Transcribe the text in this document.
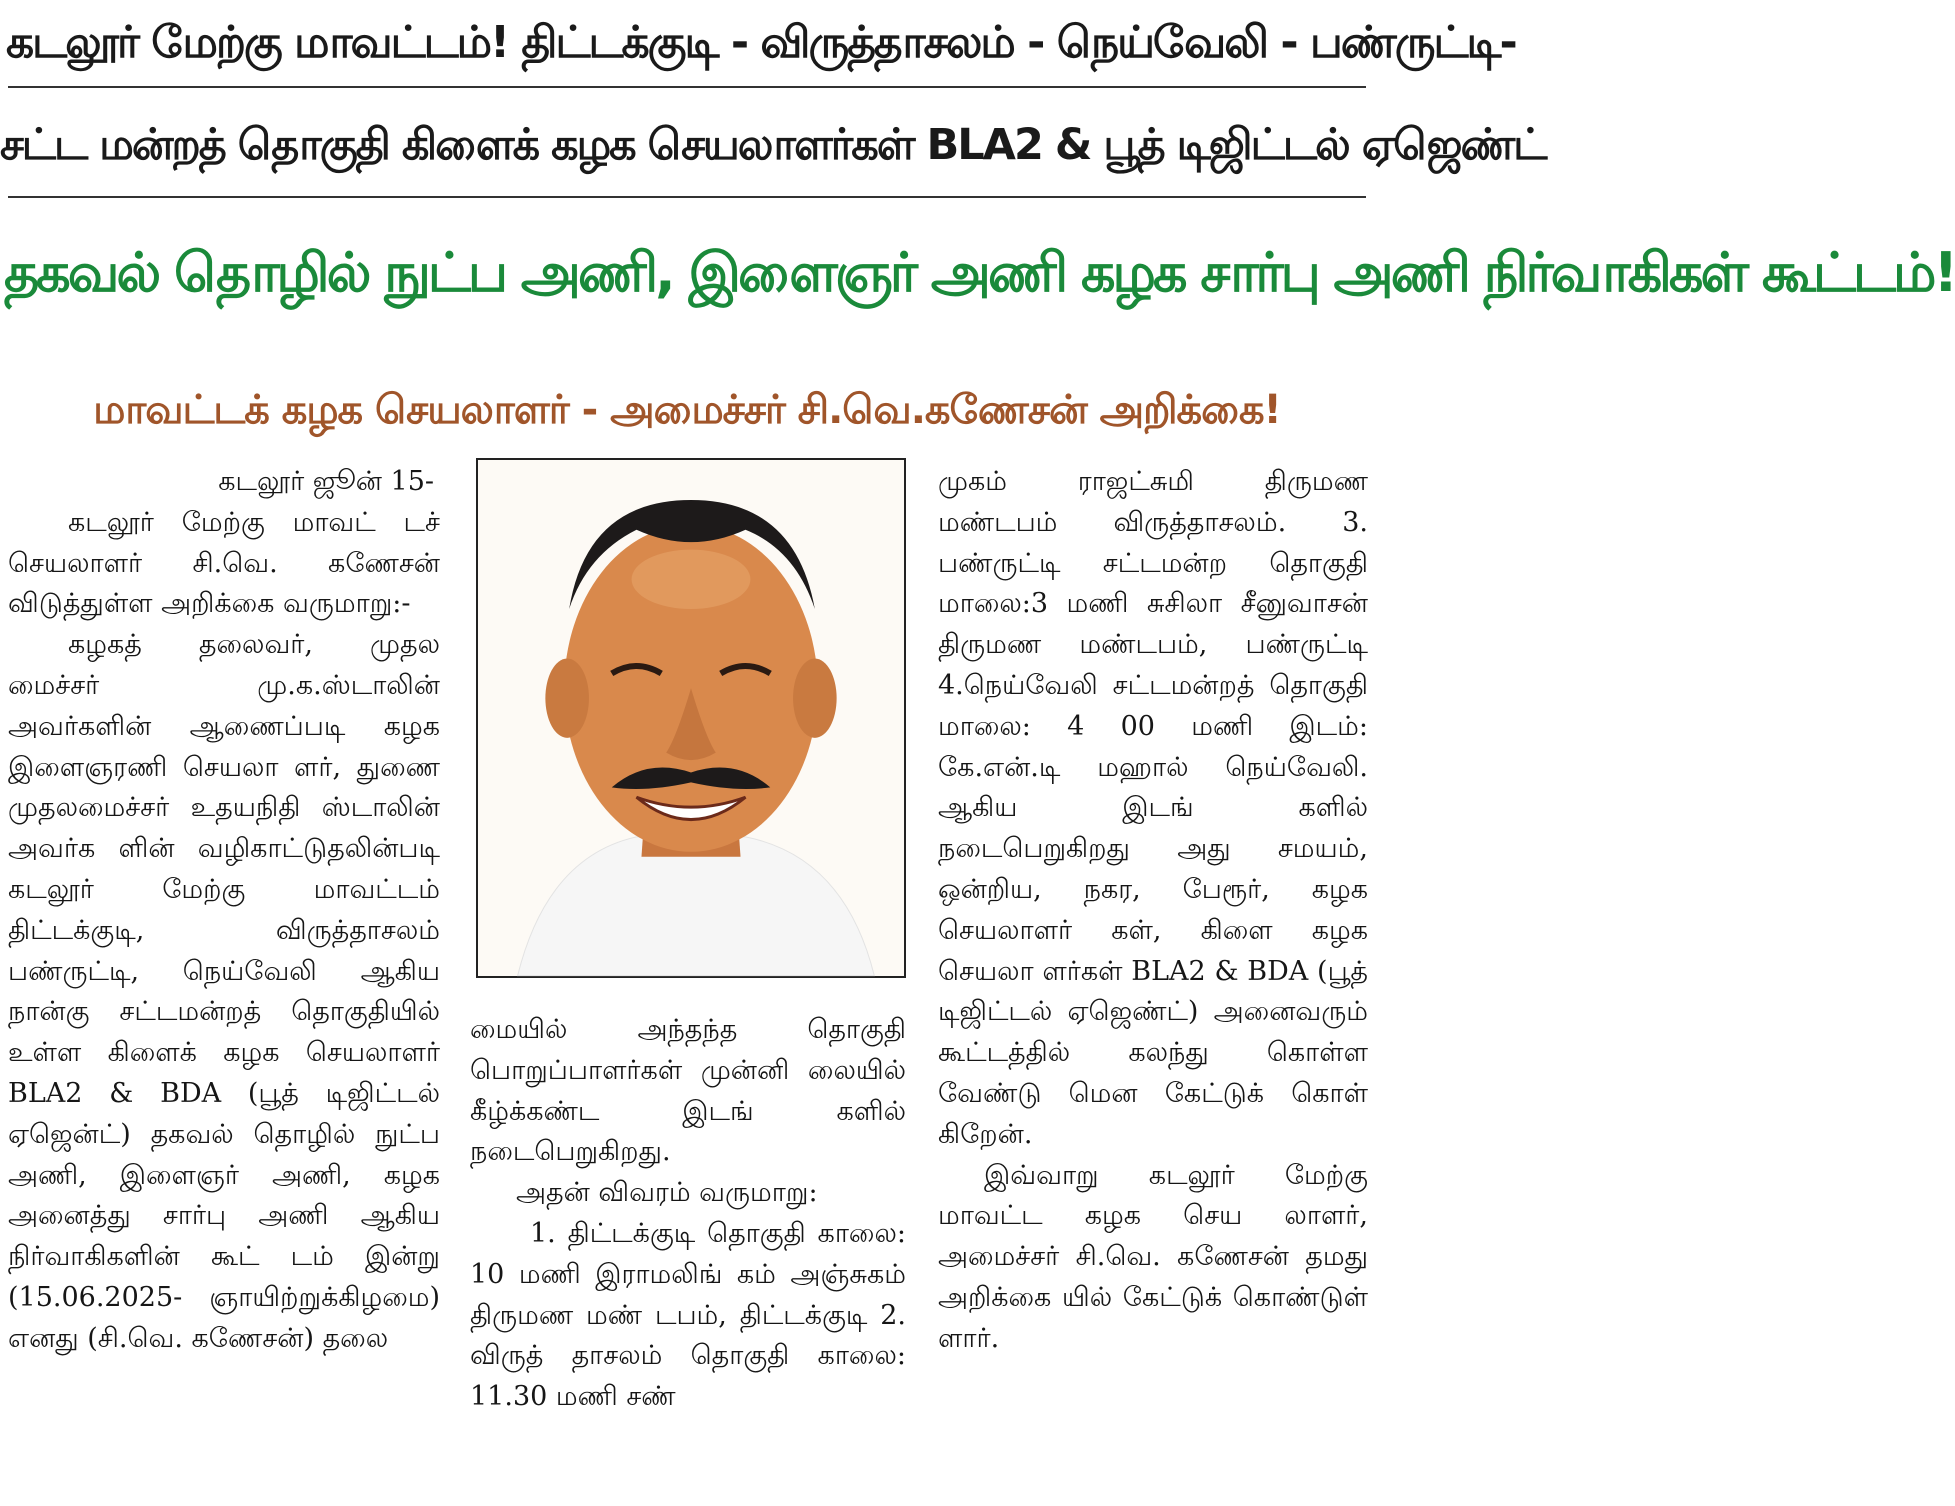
கடலூர் மேற்கு மாவட்டம்! திட்டக்குடி - விருத்தாசலம் - நெய்வேலி - பண்ருட்டி-
சட்ட மன்றத் தொகுதி கிளைக் கழக செயலாளர்கள் BLA2 & பூத் டிஜிட்டல் ஏஜெண்ட்
தகவல் தொழில் நுட்ப அணி, இளைஞர் அணி கழக சார்பு அணி நிர்வாகிகள் கூட்டம்!
மாவட்டக் கழக செயலாளர் - அமைச்சர் சி.வெ.கணேசன் அறிக்கை!

கடலூர் ஜூன் 15-

கடலூர் மேற்கு மாவட் டச் செயலாளர் சி.வெ. கணேசன் விடுத்துள்ள அறிக்கை வருமாறு:-

கழகத் தலைவர், முதல மைச்சர் மு.க.ஸ்டாலின் அவர்களின் ஆணைப்படி கழக இளைஞரணி செயலா ளர், துணை முதலமைச்சர் உதயநிதி ஸ்டாலின் அவர்க ளின் வழிகாட்டுதலின்படி கடலூர் மேற்கு மாவட்டம் திட்டக்குடி, விருத்தாசலம் பண்ருட்டி, நெய்வேலி ஆகிய நான்கு சட்டமன்றத் தொகுதியில் உள்ள கிளைக் கழக செயலாளர் BLA2 & BDA (பூத் டிஜிட்டல் ஏஜென்ட்) தகவல் தொழில் நுட்ப அணி, இளைஞர் அணி, கழக அனைத்து சார்பு அணி ஆகிய நிர்வாகிகளின் கூட் டம் இன்று (15.06.2025- ஞாயிற்றுக்கிழமை) எனது (சி.வெ. கணேசன்) தலை

மையில் அந்தந்த தொகுதி பொறுப்பாளர்கள் முன்னி லையில் கீழ்க்கண்ட இடங் களில் நடைபெறுகிறது.

அதன் விவரம் வருமாறு:

1. திட்டக்குடி தொகுதி காலை: 10 மணி இராமலிங் கம் அஞ்சுகம் திருமண மண் டபம், திட்டக்குடி 2. விருத் தாசலம் தொகுதி காலை: 11.30 மணி சண்

முகம் ராஜட்சுமி திருமண மண்டபம் விருத்தாசலம். 3. பண்ருட்டி சட்டமன்ற தொகுதி மாலை:3 மணி சுசிலா சீனுவாசன் திருமண மண்டபம், பண்ருட்டி 4.நெய்வேலி சட்டமன்றத் தொகுதி மாலை: 4 00 மணி இடம்: கே.என்.டி மஹால் நெய்வேலி. ஆகிய இடங் களில் நடைபெறுகிறது அது சமயம், ஒன்றிய, நகர, பேரூர், கழக செயலாளர் கள், கிளை கழக செயலா ளர்கள் BLA2 & BDA (பூத் டிஜிட்டல் ஏஜெண்ட்) அனைவரும் கூட்டத்தில் கலந்து கொள்ள வேண்டு மென கேட்டுக் கொள் கிறேன்.

இவ்வாறு கடலூர் மேற்கு மாவட்ட கழக செய லாளர், அமைச்சர் சி.வெ. கணேசன் தமது அறிக்கை யில் கேட்டுக் கொண்டுள் ளார்.
